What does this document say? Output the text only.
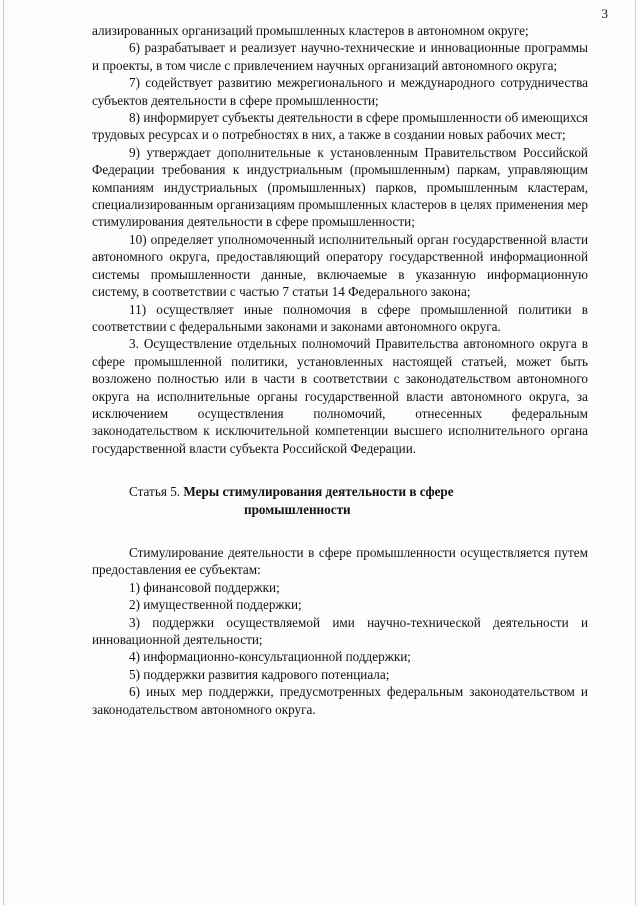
3

ализированных организаций промышленных кластеров в автономном округе;

6) разрабатывает и реализует научно-технические и инновационные программы и проекты, в том числе с привлечением научных организаций автономного округа;

7) содействует развитию межрегионального и международного сотрудничества субъектов деятельности в сфере промышленности;

8) информирует субъекты деятельности в сфере промышленности об имеющихся трудовых ресурсах и о потребностях в них, а также в создании новых рабочих мест;

9) утверждает дополнительные к установленным Правительством Российской Федерации требования к индустриальным (промышленным) паркам, управляющим компаниям индустриальных (промышленных) парков, промышленным кластерам, специализированным организациям промышленных кластеров в целях применения мер стимулирования деятельности в сфере промышленности;

10) определяет уполномоченный исполнительный орган государственной власти автономного округа, предоставляющий оператору государственной информационной системы промышленности данные, включаемые в указанную информационную систему, в соответствии с частью 7 статьи 14 Федерального закона;

11) осуществляет иные полномочия в сфере промышленной политики в соответствии с федеральными законами и законами автономного округа.

3. Осуществление отдельных полномочий Правительства автономного округа в сфере промышленной политики, установленных настоящей статьей, может быть возложено полностью или в части в соответствии с законодательством автономного округа на исполнительные органы государственной власти автономного округа, за исключением осуществления полномочий, отнесенных федеральным законодательством к исключительной компетенции высшего исполнительного органа государственной власти субъекта Российской Федерации.

Статья 5. Меры стимулирования деятельности в сфере
промышленности

Стимулирование деятельности в сфере промышленности осуществляется путем предоставления ее субъектам:

1) финансовой поддержки;

2) имущественной поддержки;

3) поддержки осуществляемой ими научно-технической деятельности и инновационной деятельности;

4) информационно-консультационной поддержки;

5) поддержки развития кадрового потенциала;

6) иных мер поддержки, предусмотренных федеральным законодательством и законодательством автономного округа.
